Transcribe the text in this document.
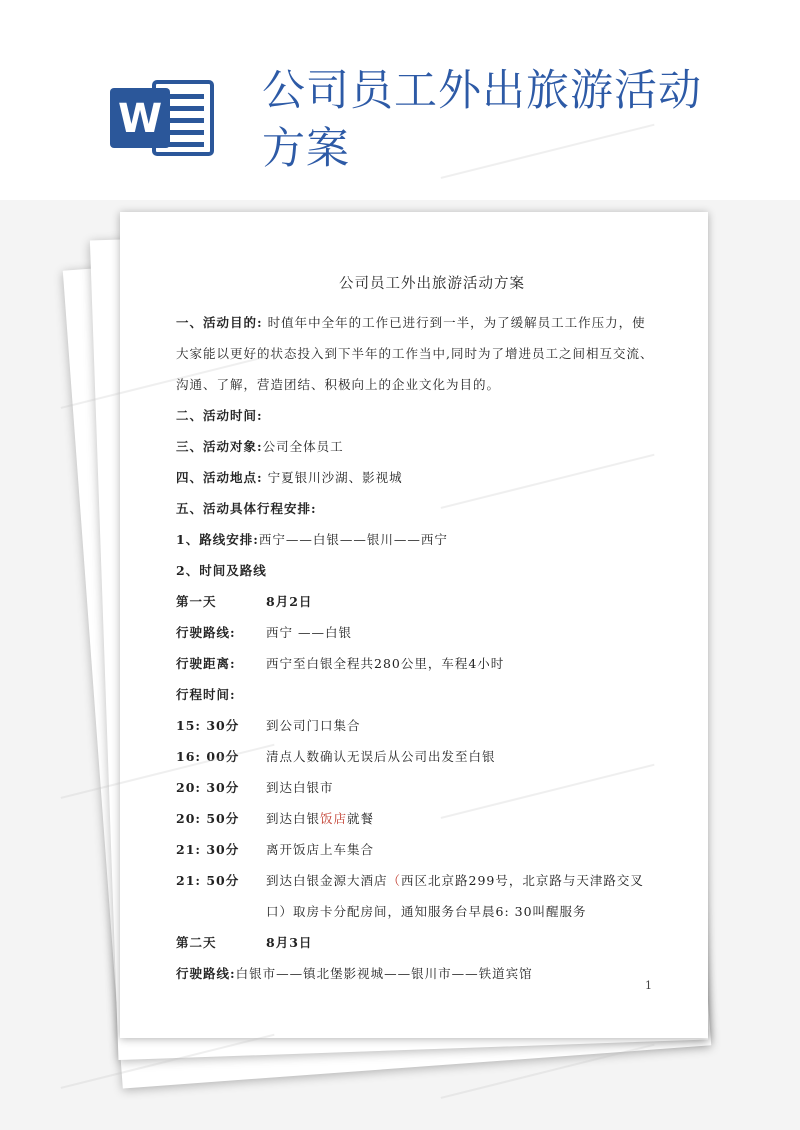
W
公司员工外出旅游活动
方案
公司员工外出旅游活动方案
一、活动目的: 时值年中全年的工作已进行到一半，为了缓解员工工作压力，使
大家能以更好的状态投入到下半年的工作当中,同时为了增进员工之间相互交流、
沟通、了解，营造团结、积极向上的企业文化为目的。
二、活动时间:
三、活动对象:公司全体员工
四、活动地点: 宁夏银川沙湖、影视城
五、活动具体行程安排:
1、路线安排:西宁——白银——银川——西宁
2、时间及路线
第一天	8月2日
行驶路线: 西宁 ——白银
行驶距离: 西宁至白银全程共280公里，车程4小时
行程时间:
15: 30分 到公司门口集合
16: 00分 清点人数确认无误后从公司出发至白银
20: 30分 到达白银市
20: 50分 到达白银饭店就餐
21: 30分 离开饭店上车集合
21: 50分 到达白银金源大酒店（西区北京路299号，北京路与天津路交叉
口）取房卡分配房间，通知服务台早晨6: 30叫醒服务
第二天	8月3日
行驶路线:白银市——镇北堡影视城——银川市——铁道宾馆
1
